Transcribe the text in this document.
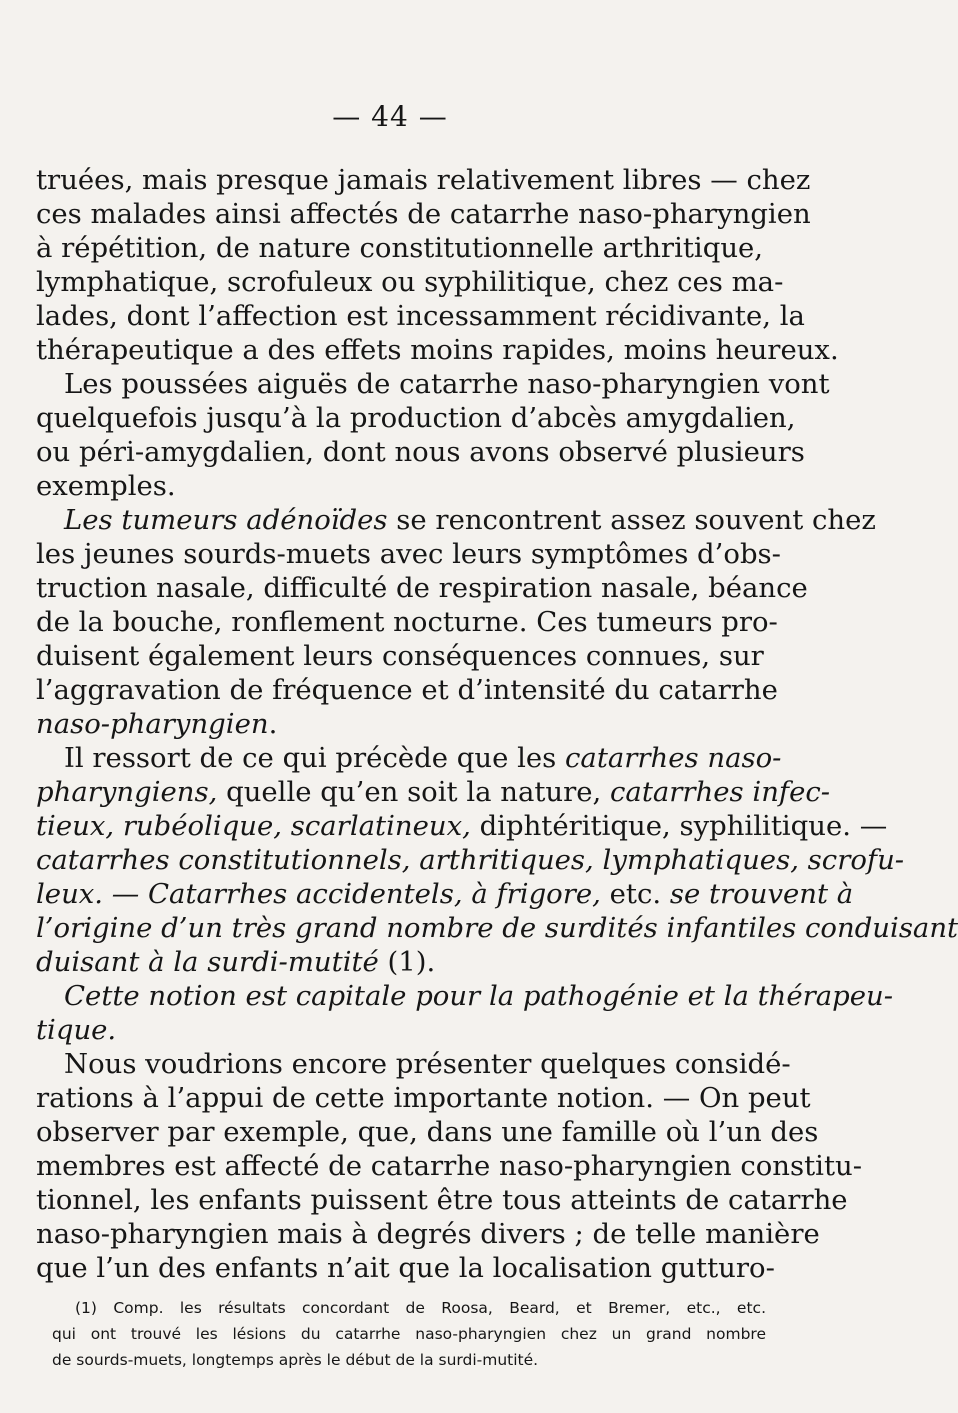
— 44 —
truées, mais presque jamais relativement libres — chez
ces malades ainsi affectés de catarrhe naso-pharyngien
à répétition, de nature constitutionnelle arthritique,
lymphatique, scrofuleux ou syphilitique, chez ces ma-
lades, dont l’affection est incessamment récidivante, la
thérapeutique a des effets moins rapides, moins heureux.
Les poussées aiguës de catarrhe naso-pharyngien vont
quelquefois jusqu’à la production d’abcès amygdalien,
ou péri-amygdalien, dont nous avons observé plusieurs
exemples.
Les tumeurs adénoïdes se rencontrent assez souvent chez
les jeunes sourds-muets avec leurs symptômes d’obs-
truction nasale, difficulté de respiration nasale, béance
de la bouche, ronflement nocturne. Ces tumeurs pro-
duisent également leurs conséquences connues, sur
l’aggravation de fréquence et d’intensité du catarrhe
naso-pharyngien.
Il ressort de ce qui précède que les catarrhes naso-
pharyngiens, quelle qu’en soit la nature, catarrhes infec-
tieux, rubéolique, scarlatineux, diphtéritique, syphilitique. —
catarrhes constitutionnels, arthritiques, lymphatiques, scrofu-
leux. — Catarrhes accidentels, à frigore, etc. se trouvent à
l’origine d’un très grand nombre de surdités infantiles conduisant
duisant à la surdi-mutité (1).
Cette notion est capitale pour la pathogénie et la thérapeu-
tique.
Nous voudrions encore présenter quelques considé-
rations à l’appui de cette importante notion. — On peut
observer par exemple, que, dans une famille où l’un des
membres est affecté de catarrhe naso-pharyngien constitu-
tionnel, les enfants puissent être tous atteints de catarrhe
naso-pharyngien mais à degrés divers ; de telle manière
que l’un des enfants n’ait que la localisation gutturo-
(1) Comp. les résultats concordant de Roosa, Beard, et Bremer, etc., etc.
qui ont trouvé les lésions du catarrhe naso-pharyngien chez un grand nombre
de sourds-muets, longtemps après le début de la surdi-mutité.
